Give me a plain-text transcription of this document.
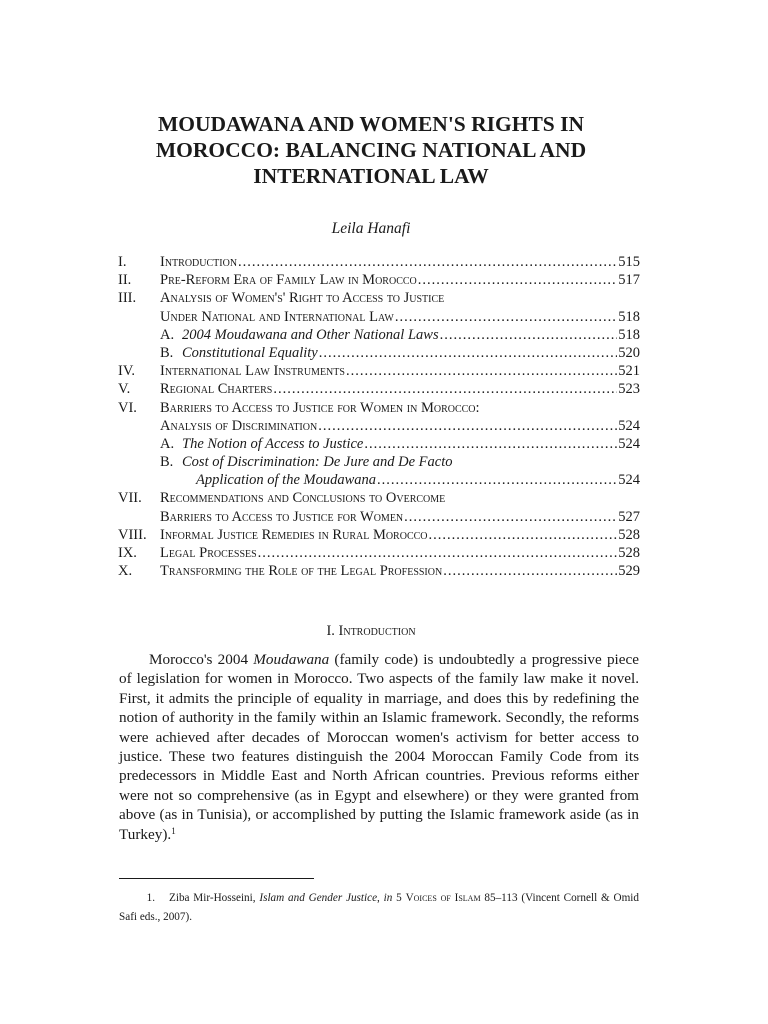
MOUDAWANA AND WOMEN'S RIGHTS IN
MOROCCO: BALANCING NATIONAL AND
INTERNATIONAL LAW
Leila Hanafi
I. Introduction .....	515
II. Pre-Reform Era of Family Law in Morocco .....	517
III. Analysis of Women's' Right to Access to Justice
Under National and International Law .....	518
A. 2004 Moudawana and Other National Laws .....	518
B. Constitutional Equality .....	520
IV. International Law Instruments .....	521
V. Regional Charters .....	523
VI. Barriers to Access to Justice for Women in Morocco:
Analysis of Discrimination .....	524
A. The Notion of Access to Justice .....	524
B. Cost of Discrimination: De Jure and De Facto
Application of the Moudawana .....	524
VII. Recommendations and Conclusions to Overcome
Barriers to Access to Justice for Women .....	527
VIII. Informal Justice Remedies in Rural Morocco .....	528
IX. Legal Processes .....	528
X. Transforming the Role of the Legal Profession .....	529
I. Introduction

Morocco's 2004 Moudawana (family code) is undoubtedly a progressive piece of legislation for women in Morocco. Two aspects of the family law make it novel. First, it admits the principle of equality in marriage, and does this by redefining the notion of authority in the family within an Islamic framework. Secondly, the reforms were achieved after decades of Moroccan women's activism for better access to justice. These two features distinguish the 2004 Moroccan Family Code from its predecessors in Middle East and North African countries. Previous reforms either were not so comprehensive (as in Egypt and elsewhere) or they were granted from above (as in Tunisia), or accomplished by putting the Islamic framework aside (as in Turkey).$^1$

1. Ziba Mir-Hosseini, Islam and Gender Justice, in 5 Voices of Islam 85–113 (Vincent Cornell & Omid Safi eds., 2007).
